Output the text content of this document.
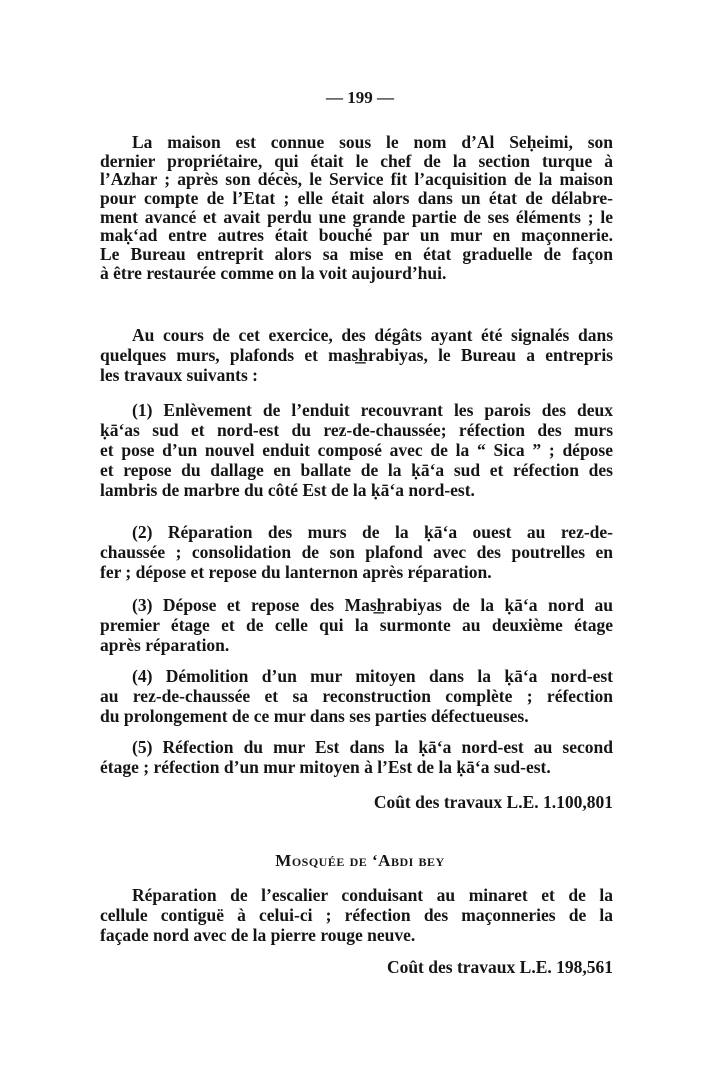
— 199 —
La maison est connue sous le nom d’Al Seḥeimi, son
dernier propriétaire, qui était le chef de la section turque à
l’Azhar ; après son décès, le Service fit l’acquisition de la maison
pour compte de l’Etat ; elle était alors dans un état de délabre-
ment avancé et avait perdu une grande partie de ses éléments ; le
maḳ‘ad entre autres était bouché par un mur en maçonnerie.
Le Bureau entreprit alors sa mise en état graduelle de façon
à être restaurée comme on la voit aujourd’hui.
Au cours de cet exercice, des dégâts ayant été signalés dans
quelques murs, plafonds et mas͟hrabiyas, le Bureau a entrepris
les travaux suivants :
(1) Enlèvement de l’enduit recouvrant les parois des deux
ḳā‘as sud et nord-est du rez-de-chaussée; réfection des murs
et pose d’un nouvel enduit composé avec de la “ Sica ” ; dépose
et repose du dallage en ballate de la ḳā‘a sud et réfection des
lambris de marbre du côté Est de la ḳā‘a nord-est.
(2) Réparation des murs de la ḳā‘a ouest au rez-de-
chaussée ; consolidation de son plafond avec des poutrelles en
fer ; dépose et repose du lanternon après réparation.
(3) Dépose et repose des Mas͟hrabiyas de la ḳā‘a nord au
premier étage et de celle qui la surmonte au deuxième étage
après réparation.
(4) Démolition d’un mur mitoyen dans la ḳā‘a nord-est
au rez-de-chaussée et sa reconstruction complète ; réfection
du prolongement de ce mur dans ses parties défectueuses.
(5) Réfection du mur Est dans la ḳā‘a nord-est au second
étage ; réfection d’un mur mitoyen à l’Est de la ḳā‘a sud-est.
Coût des travaux L.E. 1.100,801
Mosquée de ‘Abdi bey
Réparation de l’escalier conduisant au minaret et de la
cellule contiguë à celui-ci ; réfection des maçonneries de la
façade nord avec de la pierre rouge neuve.
Coût des travaux L.E. 198,561
